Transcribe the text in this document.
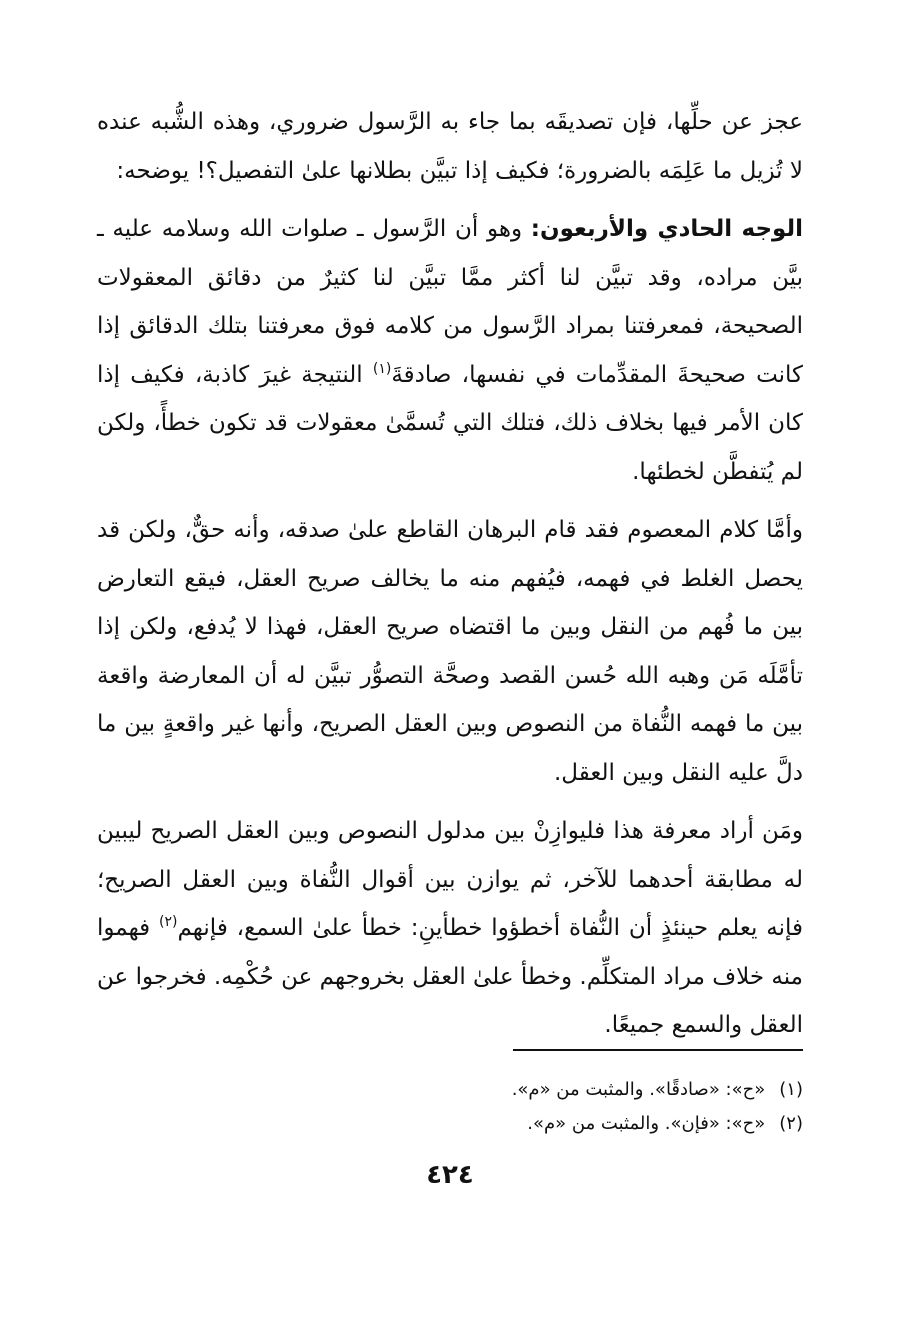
عجز عن حلِّها، فإن تصديقَه بما جاء به الرَّسول ضروري، وهذه الشُّبه عنده لا تُزيل ما عَلِمَه بالضرورة؛ فكيف إذا تبيَّن بطلانها علىٰ التفصيل؟! يوضحه:

الوجه الحادي والأربعون: وهو أن الرَّسول ـ صلوات الله وسلامه عليه ـ بيَّن مراده، وقد تبيَّن لنا أكثر ممَّا تبيَّن لنا كثيرٌ من دقائق المعقولات الصحيحة، فمعرفتنا بمراد الرَّسول من كلامه فوق معرفتنا بتلك الدقائق إذا كانت صحيحةَ المقدِّمات في نفسها، صادقةَ$^{(١)}$ النتيجة غيرَ كاذبة، فكيف إذا كان الأمر فيها بخلاف ذلك، فتلك التي تُسمَّىٰ معقولات قد تكون خطأً، ولكن لم يُتفطَّن لخطئها.

وأمَّا كلام المعصوم فقد قام البرهان القاطع علىٰ صدقه، وأنه حقٌّ، ولكن قد يحصل الغلط في فهمه، فيُفهم منه ما يخالف صريح العقل، فيقع التعارض بين ما فُهم من النقل وبين ما اقتضاه صريح العقل، فهذا لا يُدفع، ولكن إذا تأمَّلَه مَن وهبه الله حُسن القصد وصحَّة التصوُّر تبيَّن له أن المعارضة واقعة بين ما فهمه النُّفاة من النصوص وبين العقل الصريح، وأنها غير واقعةٍ بين ما دلَّ عليه النقل وبين العقل.

ومَن أراد معرفة هذا فليوازِنْ بين مدلول النصوص وبين العقل الصريح ليبين له مطابقة أحدهما للآخر، ثم يوازن بين أقوال النُّفاة وبين العقل الصريح؛ فإنه يعلم حينئذٍ أن النُّفاة أخطؤوا خطأينِ: خطأ علىٰ السمع، فإنهم$^{(٢)}$ فهموا منه خلاف مراد المتكلِّم. وخطأ علىٰ العقل بخروجهم عن حُكْمِه. فخرجوا عن العقل والسمع جميعًا.

(١) «ح»: «صادقًا». والمثبت من «م».
(٢) «ح»: «فإن». والمثبت من «م».
٤٢٤
